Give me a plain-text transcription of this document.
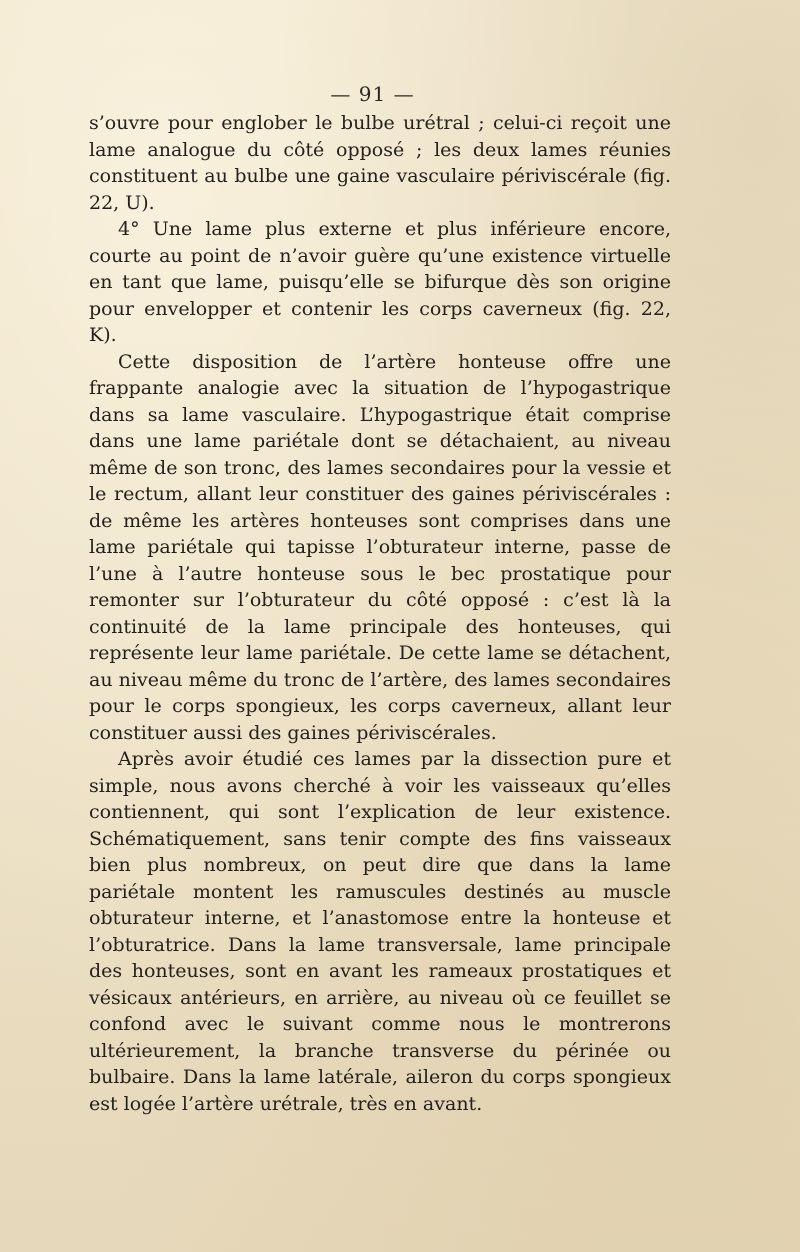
— 91 —

s’ouvre pour englober le bulbe urétral ; celui-ci reçoit une lame analogue du côté opposé ; les deux lames réunies constituent au bulbe une gaine vasculaire périviscérale (fig. 22, U).

4° Une lame plus externe et plus inférieure encore, courte au point de n’avoir guère qu’une existence virtuelle en tant que lame, puisqu’elle se bifurque dès son origine pour envelopper et contenir les corps caverneux (fig. 22, K).

Cette disposition de l’artère honteuse offre une frappante analogie avec la situation de l’hypogastrique dans sa lame vasculaire. L’hypogastrique était comprise dans une lame pariétale dont se détachaient, au niveau même de son tronc, des lames secondaires pour la vessie et le rectum, allant leur constituer des gaines périviscérales : de même les artères honteuses sont comprises dans une lame pariétale qui tapisse l’obturateur interne, passe de l’une à l’autre honteuse sous le bec prostatique pour remonter sur l’obturateur du côté opposé : c’est là la continuité de la lame principale des honteuses, qui représente leur lame pariétale. De cette lame se détachent, au niveau même du tronc de l’artère, des lames secondaires pour le corps spongieux, les corps caverneux, allant leur constituer aussi des gaines périviscérales.

Après avoir étudié ces lames par la dissection pure et simple, nous avons cherché à voir les vaisseaux qu’elles contiennent, qui sont l’explication de leur existence. Schématiquement, sans tenir compte des fins vaisseaux bien plus nombreux, on peut dire que dans la lame pariétale montent les ramuscules destinés au muscle obturateur interne, et l’anastomose entre la honteuse et l’obturatrice. Dans la lame transversale, lame principale des honteuses, sont en avant les rameaux prostatiques et vésicaux antérieurs, en arrière, au niveau où ce feuillet se confond avec le suivant comme nous le montrerons ultérieurement, la branche transverse du périnée ou bulbaire. Dans la lame latérale, aileron du corps spongieux est logée l’artère urétrale, très en avant.
